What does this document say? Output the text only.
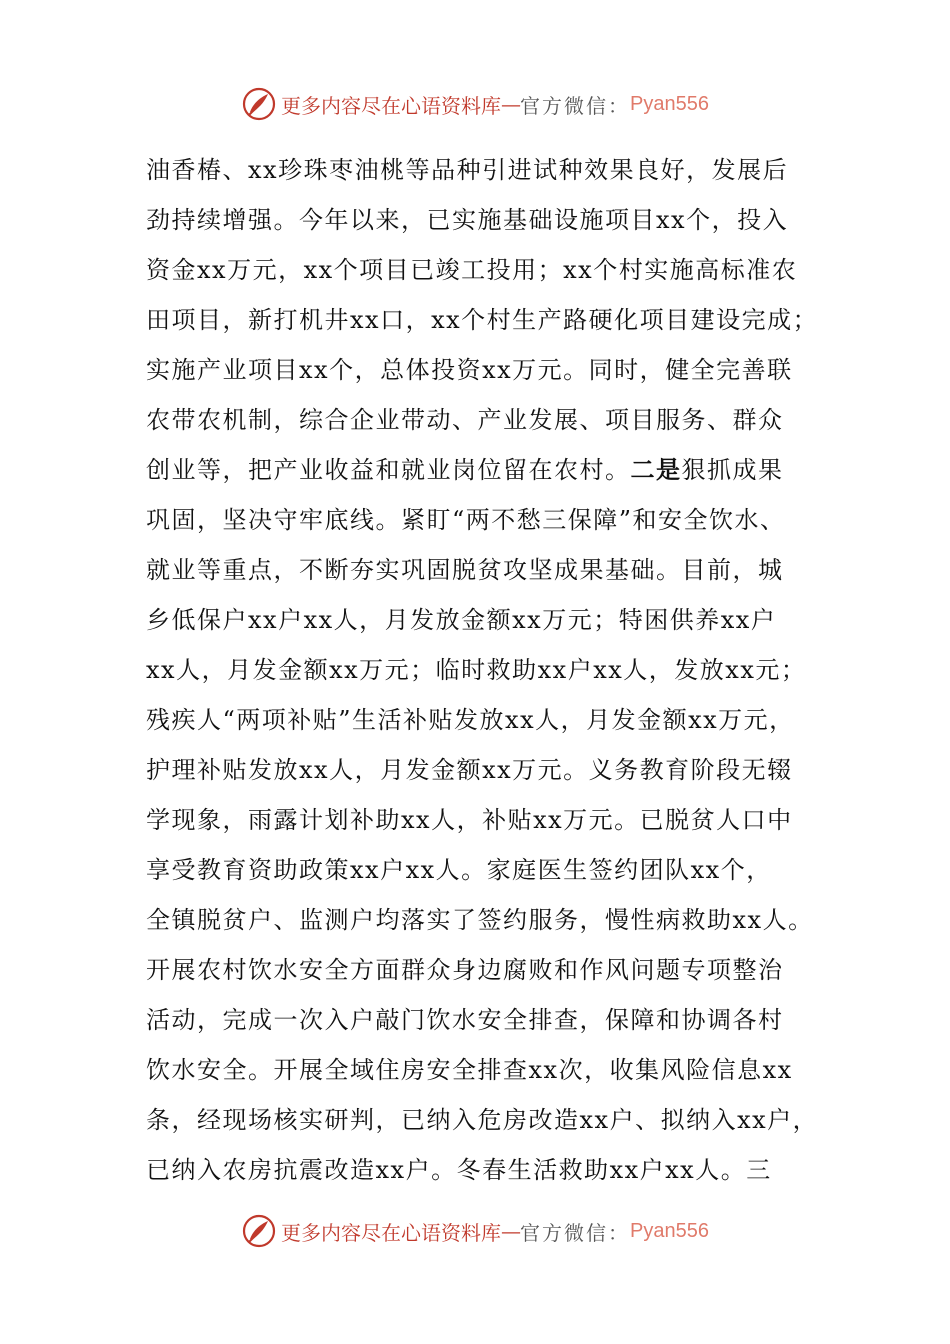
更多内容尽在心语资料库 — 官方微信： Pyan556
油香椿、xx珍珠枣油桃等品种引进试种效果良好，发展后
劲持续增强。今年以来，已实施基础设施项目xx个，投入
资金xx万元，xx个项目已竣工投用；xx个村实施高标准农
田项目，新打机井xx口，xx个村生产路硬化项目建设完成；
实施产业项目xx个，总体投资xx万元。同时，健全完善联
农带农机制，综合企业带动、产业发展、项目服务、群众
创业等，把产业收益和就业岗位留在农村。二是狠抓成果
巩固，坚决守牢底线。紧盯“两不愁三保障”和安全饮水、
就业等重点，不断夯实巩固脱贫攻坚成果基础。目前，城
乡低保户xx户xx人，月发放金额xx万元；特困供养xx户
xx人，月发金额xx万元；临时救助xx户xx人，发放xx元；
残疾人“两项补贴”生活补贴发放xx人，月发金额xx万元，
护理补贴发放xx人，月发金额xx万元。义务教育阶段无辍
学现象，雨露计划补助xx人，补贴xx万元。已脱贫人口中
享受教育资助政策xx户xx人。家庭医生签约团队xx个，
全镇脱贫户、监测户均落实了签约服务，慢性病救助xx人。
开展农村饮水安全方面群众身边腐败和作风问题专项整治
活动，完成一次入户敲门饮水安全排查，保障和协调各村
饮水安全。开展全域住房安全排查xx次，收集风险信息xx
条，经现场核实研判，已纳入危房改造xx户、拟纳入xx户，
已纳入农房抗震改造xx户。冬春生活救助xx户xx人。三
更多内容尽在心语资料库 — 官方微信： Pyan556
